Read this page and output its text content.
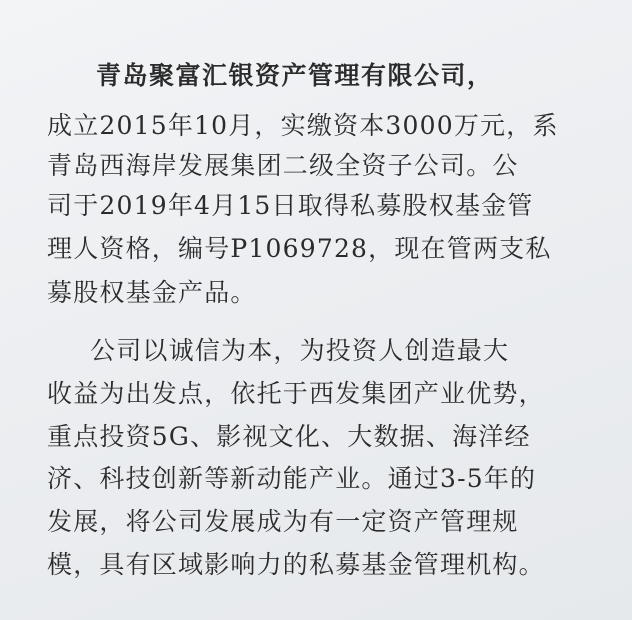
青岛聚富汇银资产管理有限公司，
成立2015年10月，实缴资本3000万元，系
青岛西海岸发展集团二级全资子公司。公
司于2019年4月15日取得私募股权基金管
理人资格，编号P1069728，现在管两支私
募股权基金产品。
公司以诚信为本，为投资人创造最大
收益为出发点，依托于西发集团产业优势，
重点投资5G、影视文化、大数据、海洋经
济、科技创新等新动能产业。通过3-5年的
发展，将公司发展成为有一定资产管理规
模，具有区域影响力的私募基金管理机构。
